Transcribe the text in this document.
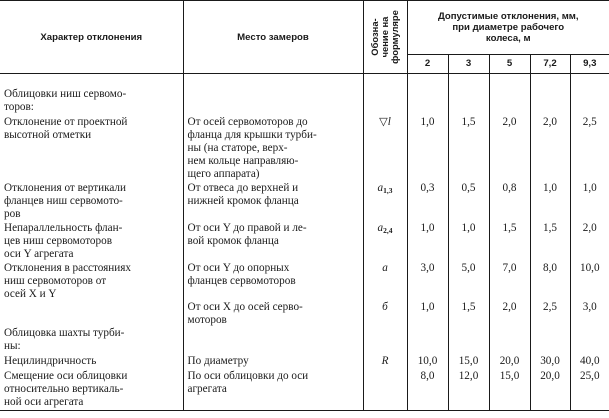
Характер отклонения	Место замеров	Обозна-
чение на
формуляре	Допустимые отклонения, мм,
при диаметре рабочего
колеса, м				
			2	3	5	7,2	9,3

Облицовки ниш сервомо-
торов:							
Отклонение от проектной
высотной отметки	От осей сервомоторов до
фланца для крышки турби-
ны (на статоре, верх-
нем кольце направляю-
щего аппарата)	▽l	1,0	1,5	2,0	2,0	2,5
Отклонения от вертикали
фланцев ниш сервомото-
ров	От отвеса до верхней и
нижней кромок фланца	$a_{1,3}$	0,3	0,5	0,8	1,0	1,0
Непараллельность флан-
цев ниш сервомоторов
оси Y агрегата	От оси Y до правой и ле-
вой кромок фланца	$a_{2,4}$	1,0	1,0	1,5	1,5	2,0
Отклонения в расстояниях
ниш сервомоторов от
осей X и Y	От оси Y до опорных
фланцев сервомоторов	a	3,0	5,0	7,0	8,0	10,0
	От оси X до осей серво-
моторов	б	1,0	1,5	2,0	2,5	3,0
Облицовка шахты турби-
ны:							
Нецилиндричность	По диаметру	R	10,0	15,0	20,0	30,0	40,0
Смещение оси облицовки
относительно вертикаль-
ной оси агрегата	По оси облицовки до оси
агрегата		8,0	12,0	15,0	20,0	25,0
